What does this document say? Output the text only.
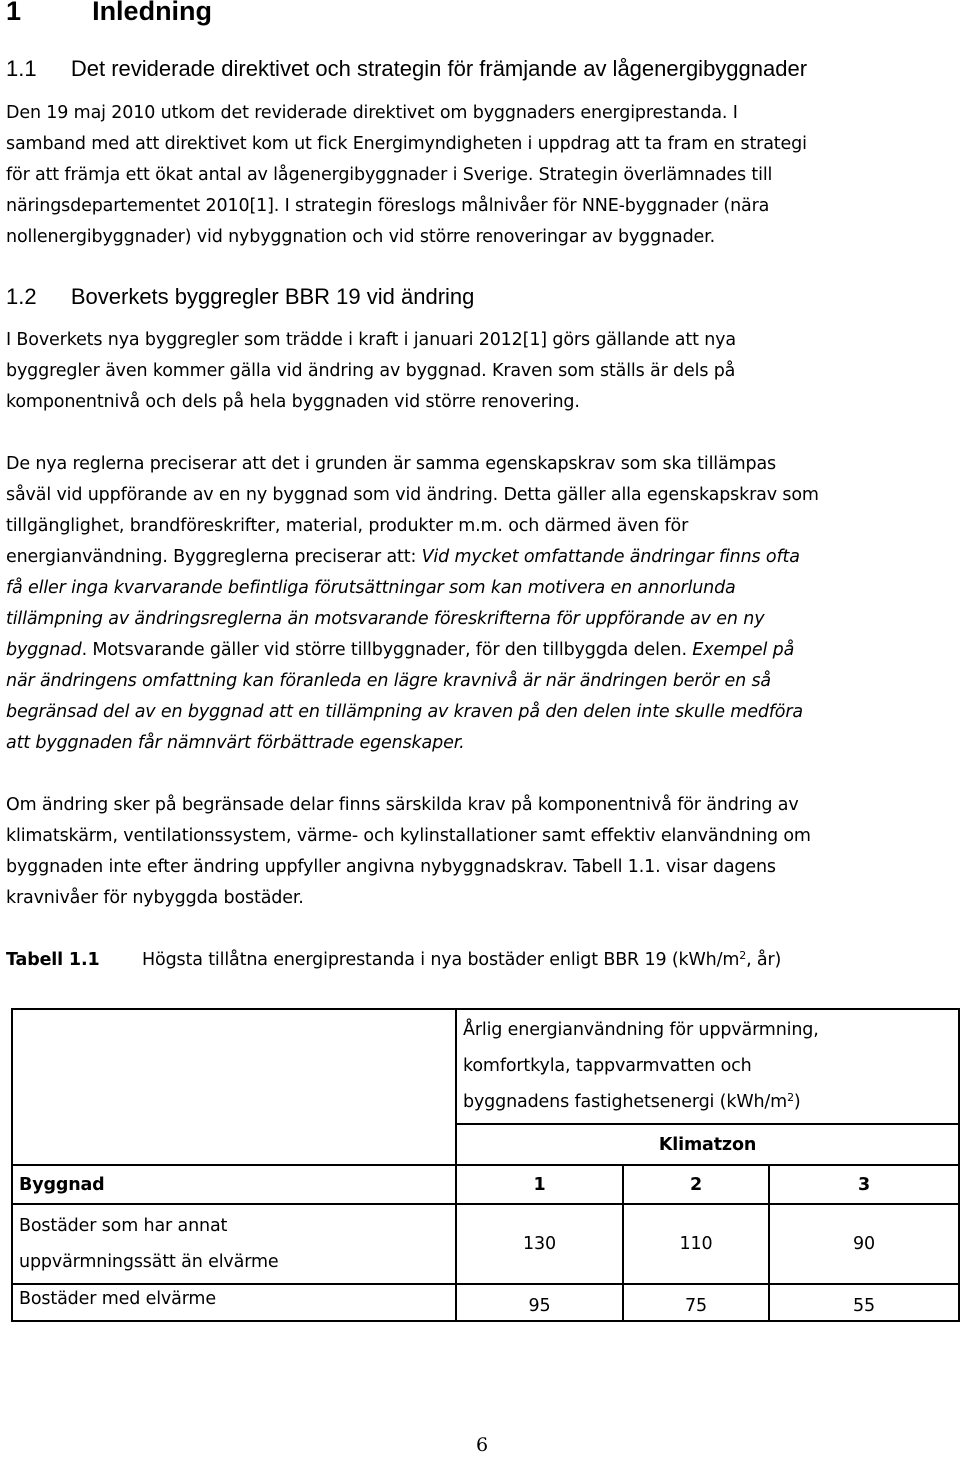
1	Inledning
1.1 Det reviderade direktivet och strategin för främjande av lågenergibyggnader
Den 19 maj 2010 utkom det reviderade direktivet om byggnaders energiprestanda. I
samband med att direktivet kom ut fick Energimyndigheten i uppdrag att ta fram en strategi
för att främja ett ökat antal av lågenergibyggnader i Sverige. Strategin överlämnades till
näringsdepartementet 2010[1]. I strategin föreslogs målnivåer för NNE-byggnader (nära
nollenergibyggnader) vid nybyggnation och vid större renoveringar av byggnader.
1.2 Boverkets byggregler BBR 19 vid ändring
I Boverkets nya byggregler som trädde i kraft i januari 2012[1] görs gällande att nya
byggregler även kommer gälla vid ändring av byggnad. Kraven som ställs är dels på
komponentnivå och dels på hela byggnaden vid större renovering.
De nya reglerna preciserar att det i grunden är samma egenskapskrav som ska tillämpas
såväl vid uppförande av en ny byggnad som vid ändring. Detta gäller alla egenskapskrav som
tillgänglighet, brandföreskrifter, material, produkter m.m. och därmed även för
energianvändning. Byggreglerna preciserar att: Vid mycket omfattande ändringar finns ofta
få eller inga kvarvarande befintliga förutsättningar som kan motivera en annorlunda
tillämpning av ändringsreglerna än motsvarande föreskrifterna för uppförande av en ny
byggnad. Motsvarande gäller vid större tillbyggnader, för den tillbyggda delen. Exempel på
när ändringens omfattning kan föranleda en lägre kravnivå är när ändringen berör en så
begränsad del av en byggnad att en tillämpning av kraven på den delen inte skulle medföra
att byggnaden får nämnvärt förbättrade egenskaper.
Om ändring sker på begränsade delar finns särskilda krav på komponentnivå för ändring av
klimatskärm, ventilationssystem, värme- och kylinstallationer samt effektiv elanvändning om
byggnaden inte efter ändring uppfyller angivna nybyggnadskrav. Tabell 1.1. visar dagens
kravnivåer för nybyggda bostäder.
Tabell 1.1 Högsta tillåtna energiprestanda i nya bostäder enligt BBR 19 ($kWh/m^2$, år)

	Årlig energianvändning för uppvärmning,
komfortkyla, tappvarmvatten och
byggnadens fastighetsenergi $(kWh/m^2)$		

	Klimatzon		
Byggnad	1	2	3

Bostäder som har annat
uppvärmningssätt än elvärme	130	110	90
Bostäder med elvärme	95	75	55
6
